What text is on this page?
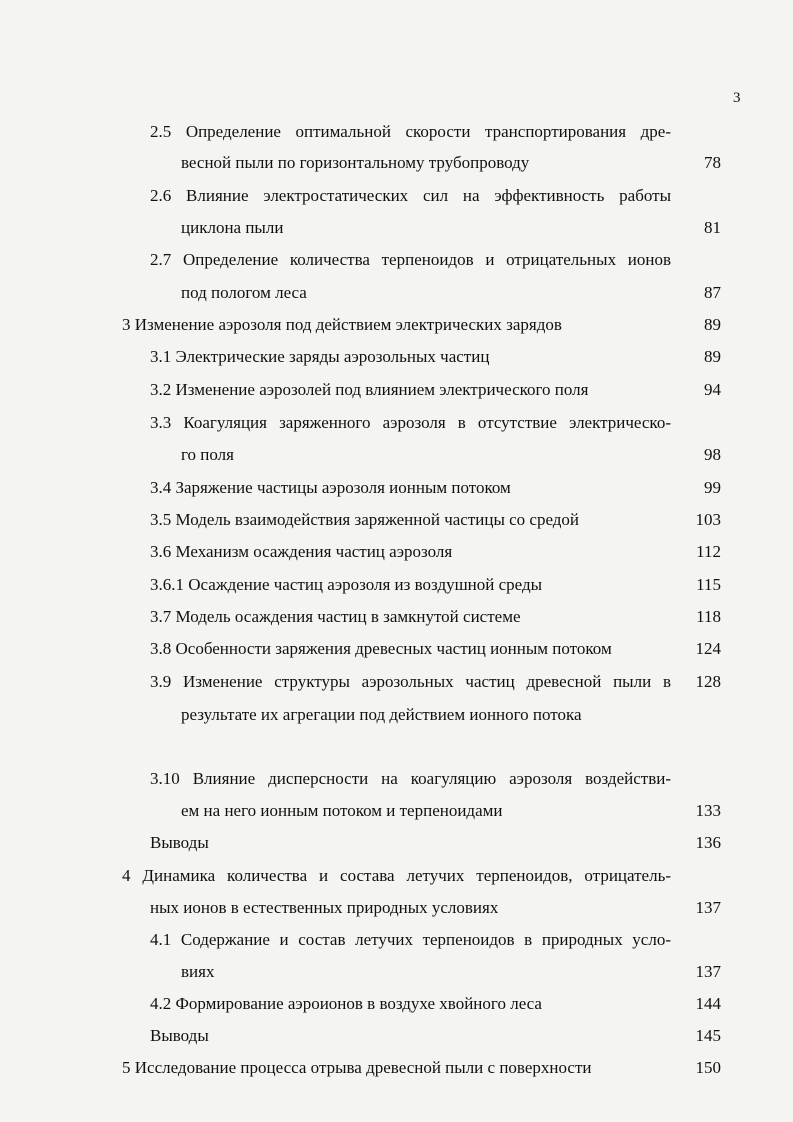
3
2.5 Определение оптимальной скорости транспортирования дре-
весной пыли по горизонтальному трубопроводу	78
2.6 Влияние электростатических сил на эффективность работы
циклона пыли	81
2.7 Определение количества терпеноидов и отрицательных ионов
под пологом леса	87
3 Изменение аэрозоля под действием электрических зарядов	89
3.1 Электрические заряды аэрозольных частиц	89
3.2 Изменение аэрозолей под влиянием электрического поля	94
3.3 Коагуляция заряженного аэрозоля в отсутствие электрическо-
го поля	98
3.4 Заряжение частицы аэрозоля ионным потоком	99
3.5 Модель взаимодействия заряженной частицы со средой	103
3.6 Механизм осаждения частиц аэрозоля	112
3.6.1 Осаждение частиц аэрозоля из воздушной среды	115
3.7 Модель осаждения частиц в замкнутой системе	118
3.8 Особенности заряжения древесных частиц ионным потоком	124
3.9 Изменение структуры аэрозольных частиц древесной пыли в	128
результате их агрегации под действием ионного потока
3.10 Влияние дисперсности на коагуляцию аэрозоля воздействи-
ем на него ионным потоком и терпеноидами	133
Выводы	136
4 Динамика количества и состава летучих терпеноидов, отрицатель-
ных ионов в естественных природных условиях	137
4.1 Содержание и состав летучих терпеноидов в природных усло-
виях	137
4.2 Формирование аэроионов в воздухе хвойного леса	144
Выводы	145
5 Исследование процесса отрыва древесной пыли с поверхности	150
